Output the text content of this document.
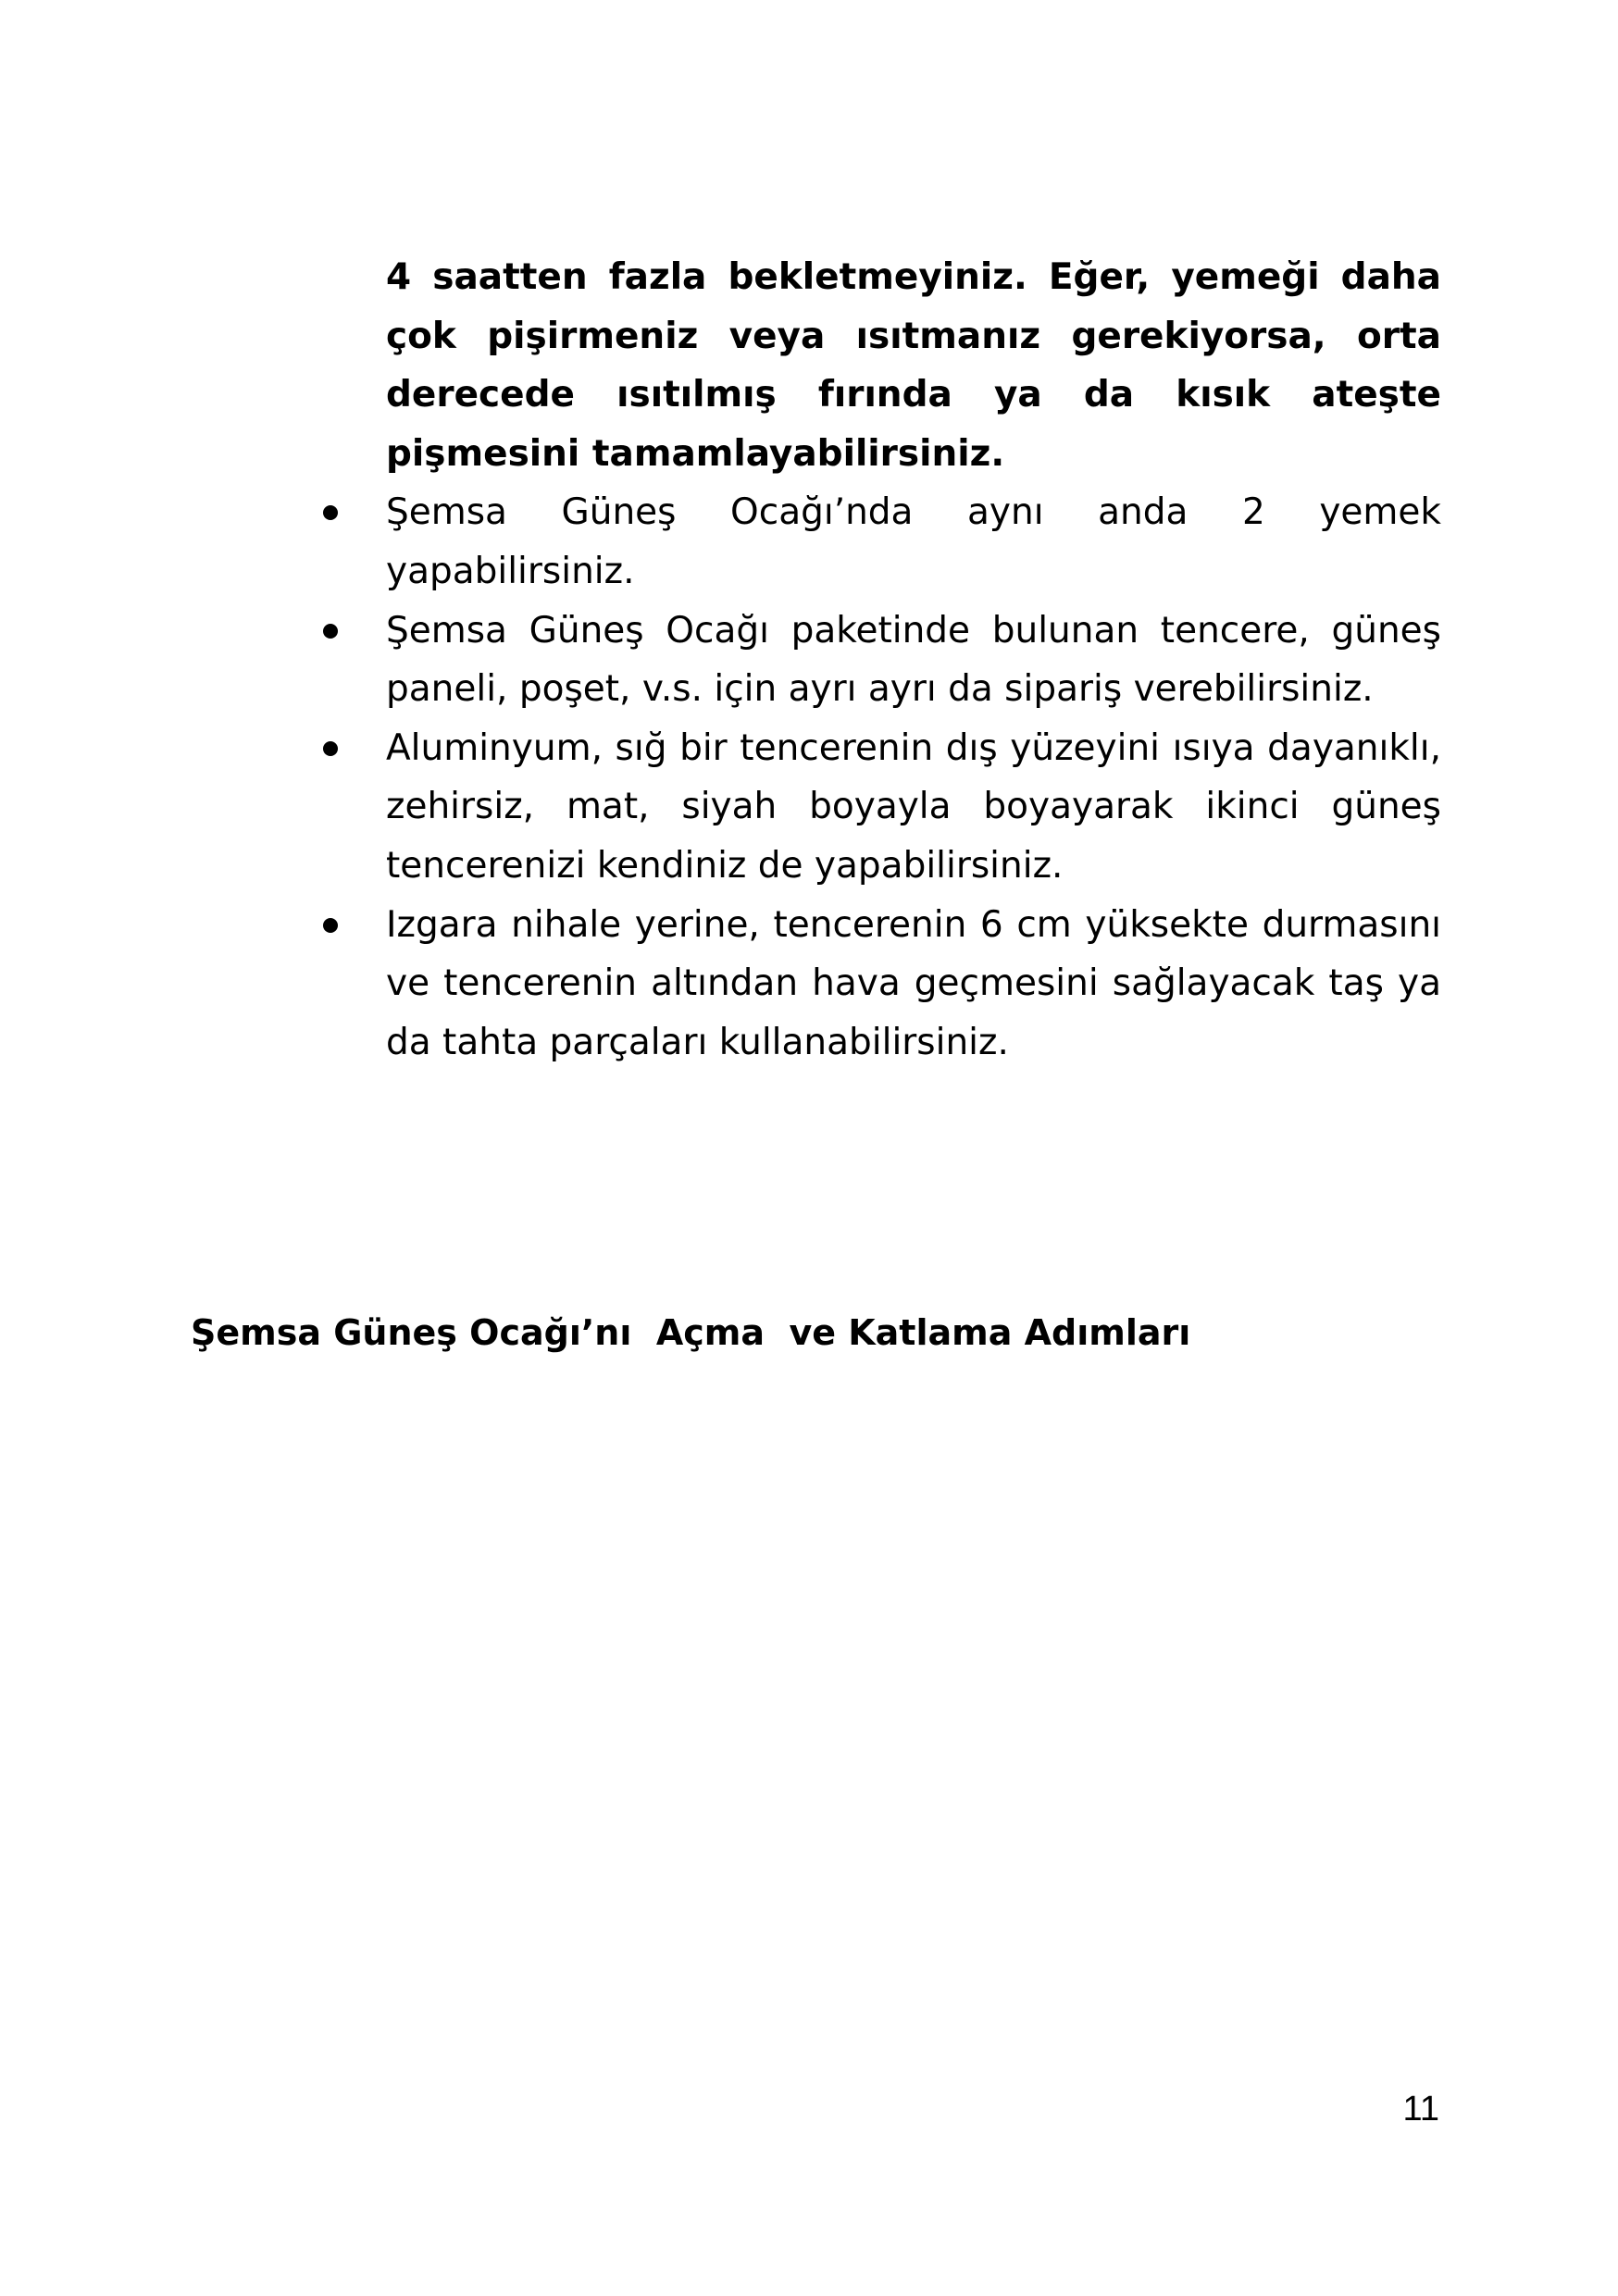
4 saatten fazla bekletmeyiniz. Eğer, yemeği daha çok pişirmeniz veya ısıtmanız gerekiyorsa, orta derecede ısıtılmış fırında ya da kısık ateşte pişmesini tamamlayabilirsiniz.

Şemsa Güneş Ocağı’nda aynı anda 2 yemek yapabilirsiniz.
Şemsa Güneş Ocağı paketinde bulunan tencere, güneş paneli, poşet, v.s. için ayrı ayrı da sipariş verebilirsiniz.
Aluminyum, sığ bir tencerenin dış yüzeyini ısıya dayanıklı, zehirsiz, mat, siyah boyayla boyayarak ikinci güneş tencerenizi kendiniz de yapabilirsiniz.
Izgara nihale yerine, tencerenin 6 cm yüksekte durmasını ve tencerenin altından hava geçmesini sağlayacak taş ya da tahta parçaları kullanabilirsiniz.
Şemsa Güneş Ocağı’nı  Açma  ve Katlama Adımları
11
